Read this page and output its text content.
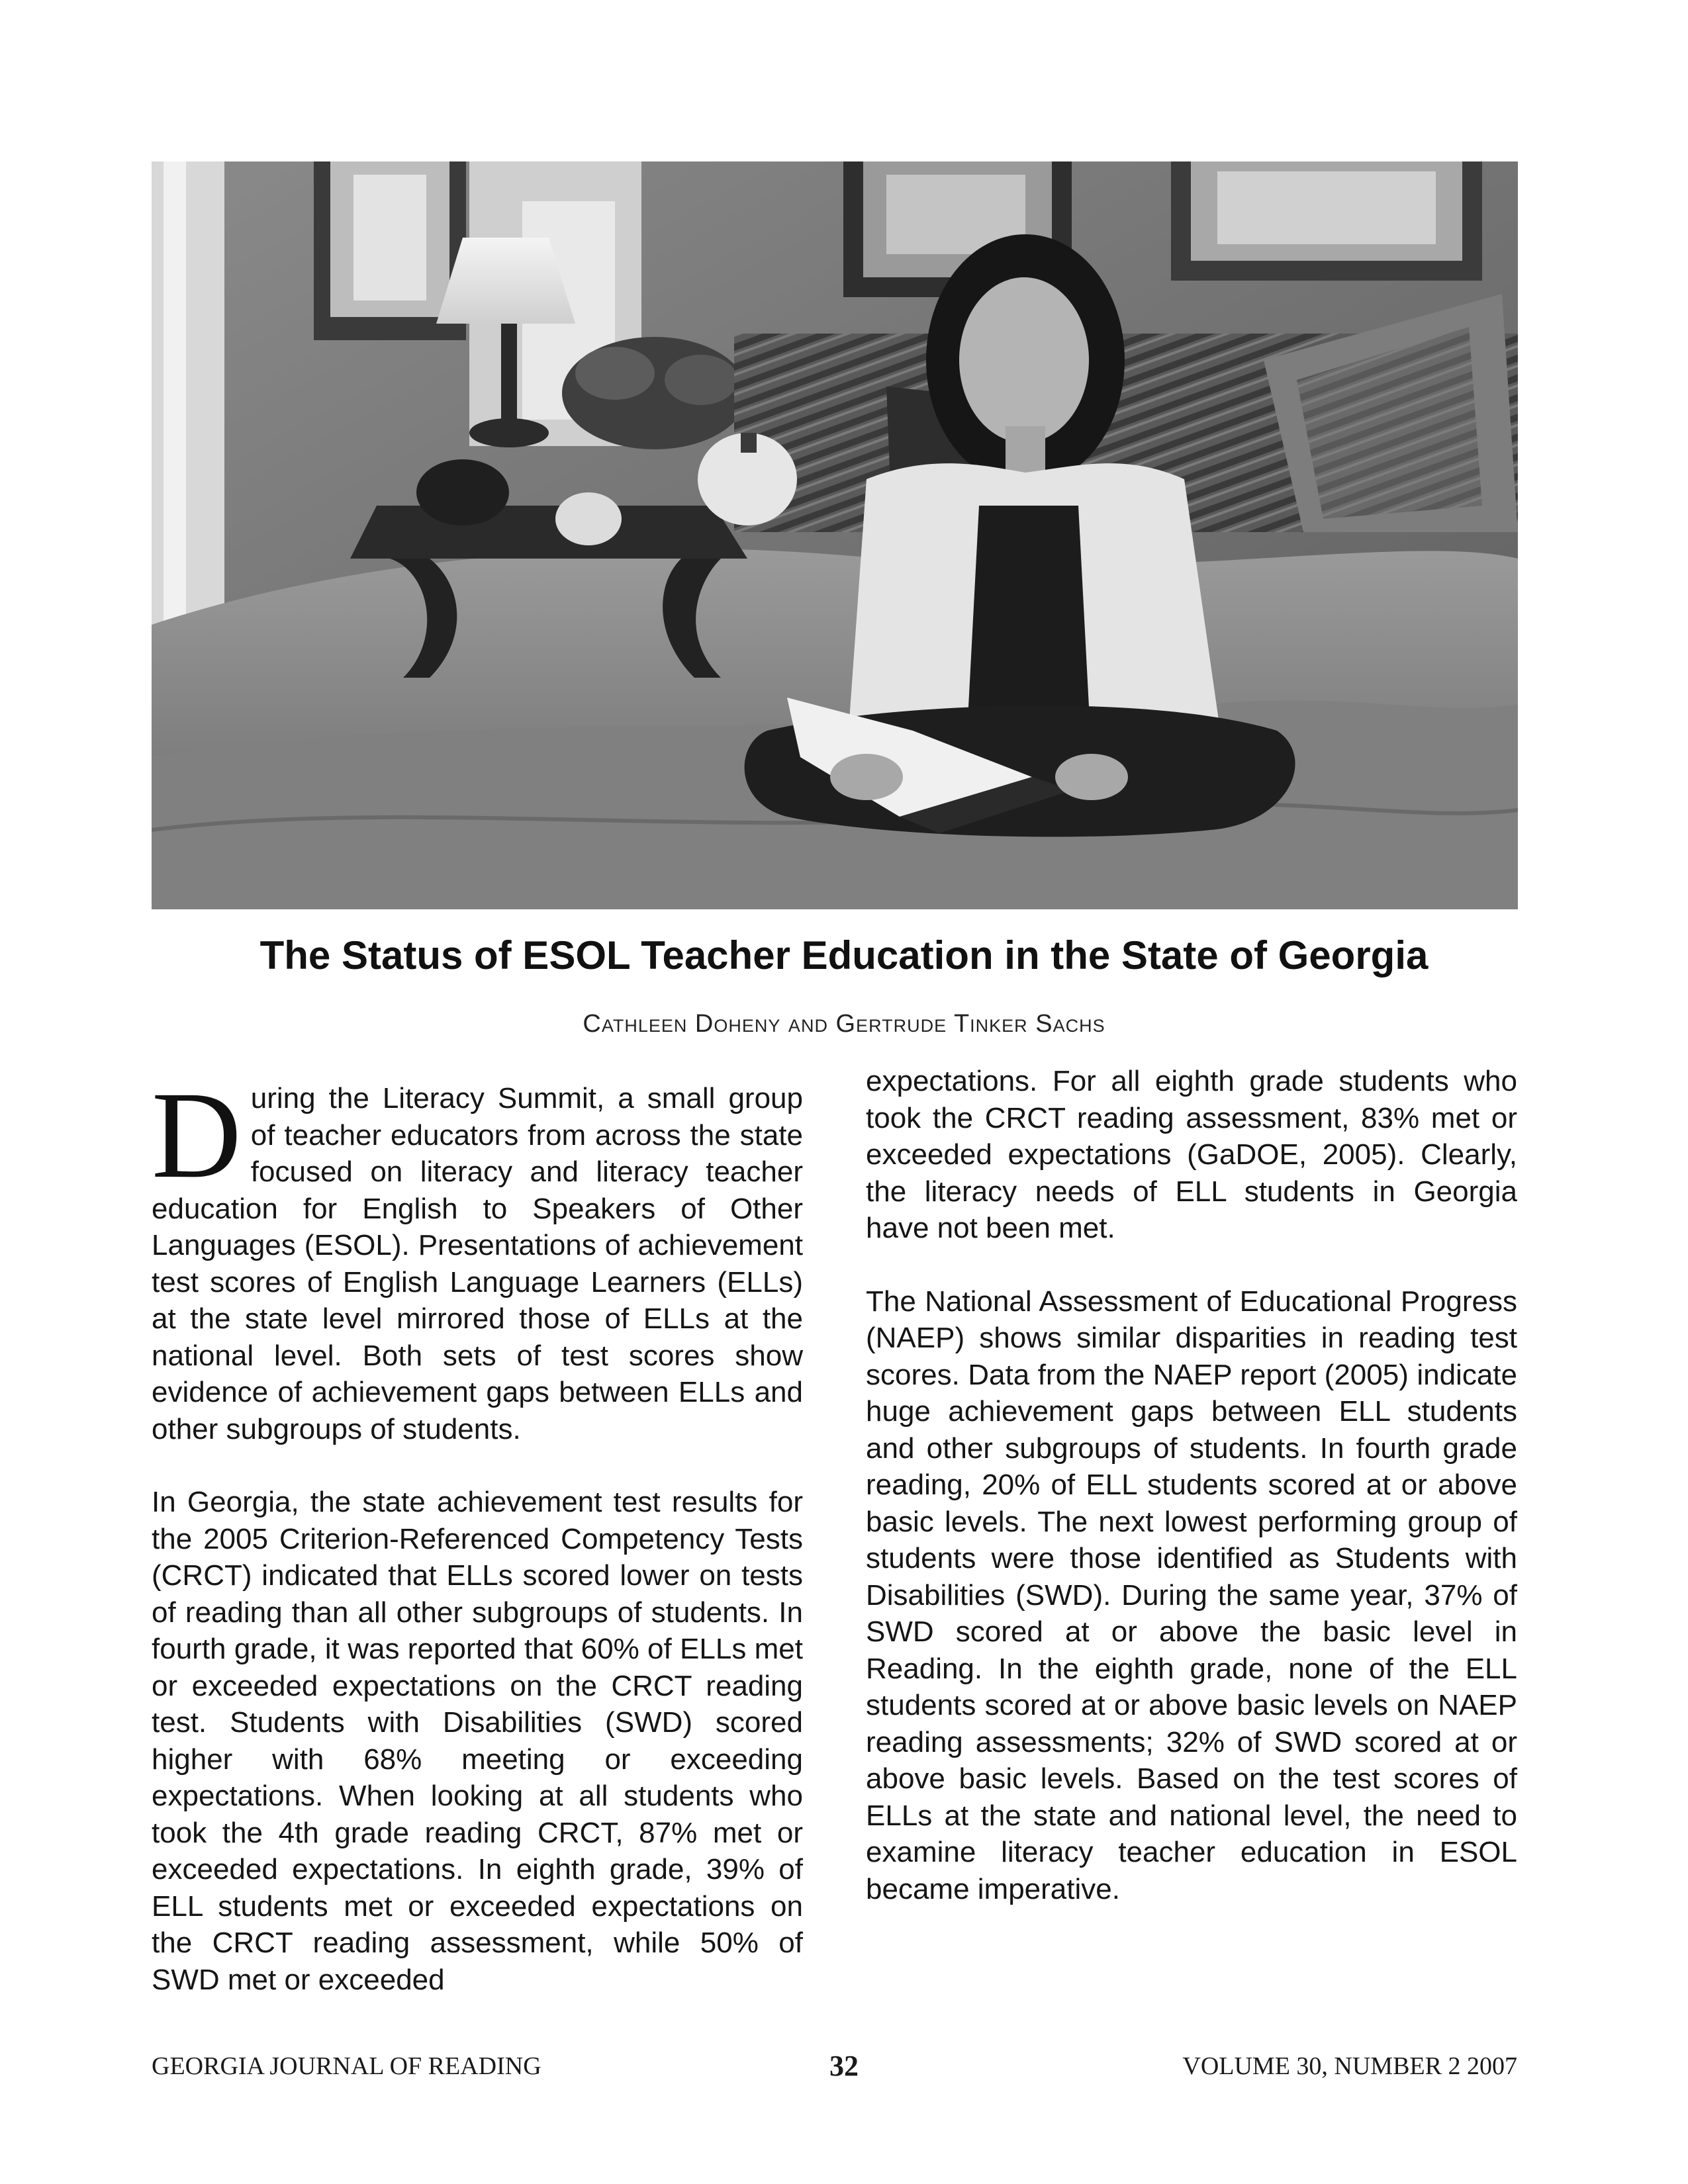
The Status of ESOL Teacher Education in the State of Georgia
Cathleen Doheny and Gertrude Tinker Sachs

During the Literacy Summit, a small group of teacher educators from across the state focused on literacy and literacy teacher education for English to Speakers of Other Languages (ESOL). Presentations of achievement test scores of English Language Learners (ELLs) at the state level mirrored those of ELLs at the national level. Both sets of test scores show evidence of achievement gaps between ELLs and other subgroups of students.

In Georgia, the state achievement test results for the 2005 Criterion-Referenced Competency Tests (CRCT) indicated that ELLs scored lower on tests of reading than all other subgroups of students. In fourth grade, it was reported that 60% of ELLs met or exceeded expectations on the CRCT reading test. Students with Disabilities (SWD) scored higher with 68% meeting or exceeding expectations. When looking at all students who took the 4th grade reading CRCT, 87% met or exceeded expectations. In eighth grade, 39% of ELL students met or exceeded expectations on the CRCT reading assessment, while 50% of SWD met or exceeded

expectations. For all eighth grade students who took the CRCT reading assessment, 83% met or exceeded expectations (GaDOE, 2005). Clearly, the literacy needs of ELL students in Georgia have not been met.

The National Assessment of Educational Progress (NAEP) shows similar disparities in reading test scores. Data from the NAEP report (2005) indicate huge achievement gaps between ELL students and other subgroups of students. In fourth grade reading, 20% of ELL students scored at or above basic levels. The next lowest performing group of students were those identified as Students with Disabilities (SWD). During the same year, 37% of SWD scored at or above the basic level in Reading. In the eighth grade, none of the ELL students scored at or above basic levels on NAEP reading assessments; 32% of SWD scored at or above basic levels. Based on the test scores of ELLs at the state and national level, the need to examine literacy teacher education in ESOL became imperative.

GEORGIA JOURNAL OF READING	32	VOLUME 30, NUMBER 2 2007
